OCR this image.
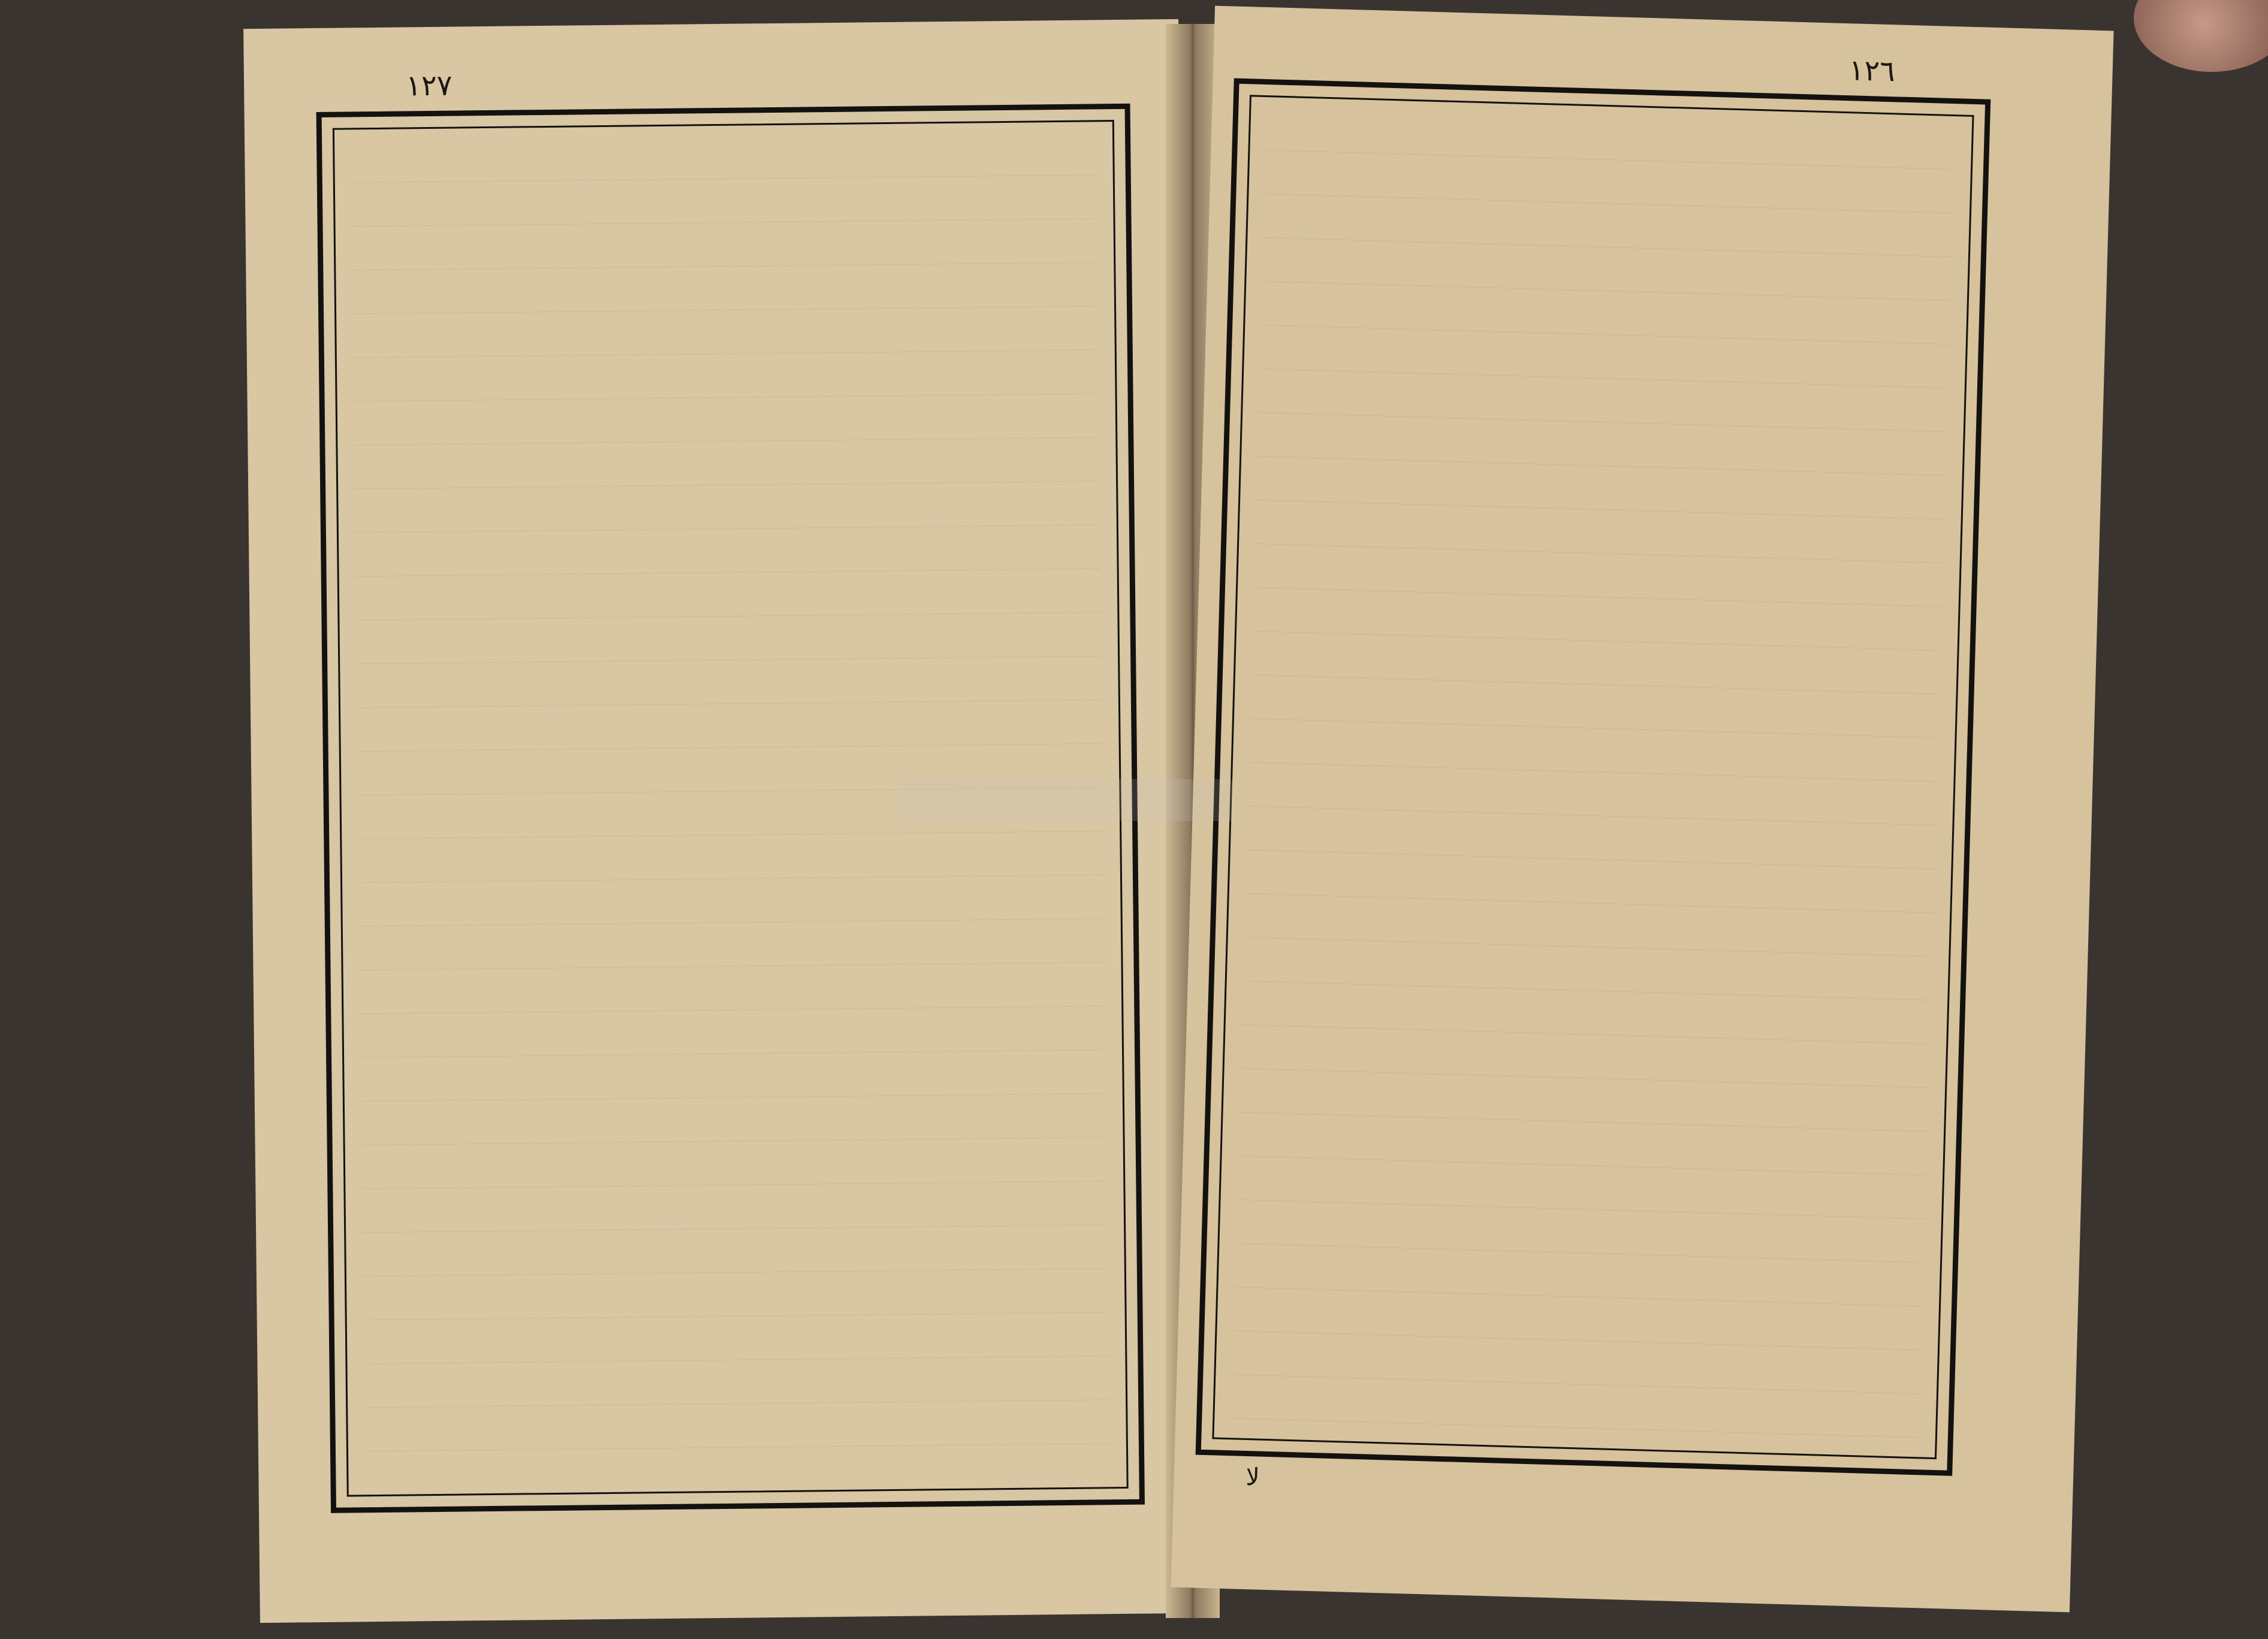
١٢٧	١٢٦
لا
